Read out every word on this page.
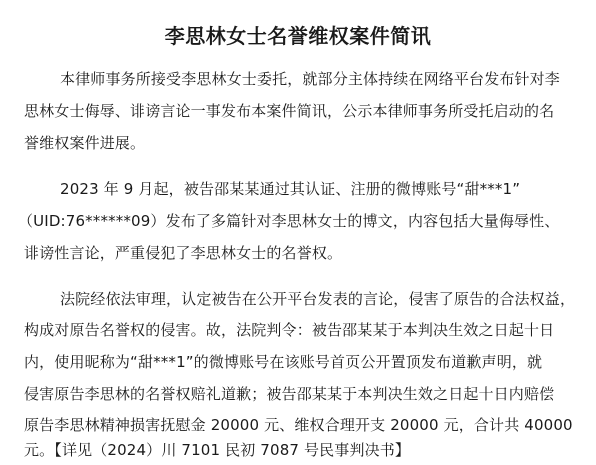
李思林女士名誉维权案件简讯
本律师事务所接受李思林女士委托，就部分主体持续在网络平台发布针对李
思林女士侮辱、诽谤言论一事发布本案件简讯，公示本律师事务所受托启动的名
誉维权案件进展。
2023 年 9 月起，被告邵某某通过其认证、注册的微博账号“甜***1”
（UID:76******09）发布了多篇针对李思林女士的博文，内容包括大量侮辱性、
诽谤性言论，严重侵犯了李思林女士的名誉权。
法院经依法审理，认定被告在公开平台发表的言论，侵害了原告的合法权益，
构成对原告名誉权的侵害。故，法院判令：被告邵某某于本判决生效之日起十日
内，使用昵称为“甜***1”的微博账号在该账号首页公开置顶发布道歉声明，就
侵害原告李思林的名誉权赔礼道歉；被告邵某某于本判决生效之日起十日内赔偿
原告李思林精神损害抚慰金 20000 元、维权合理开支 20000 元，合计共 40000
元。【详见（2024）川 7101 民初 7087 号民事判决书】
